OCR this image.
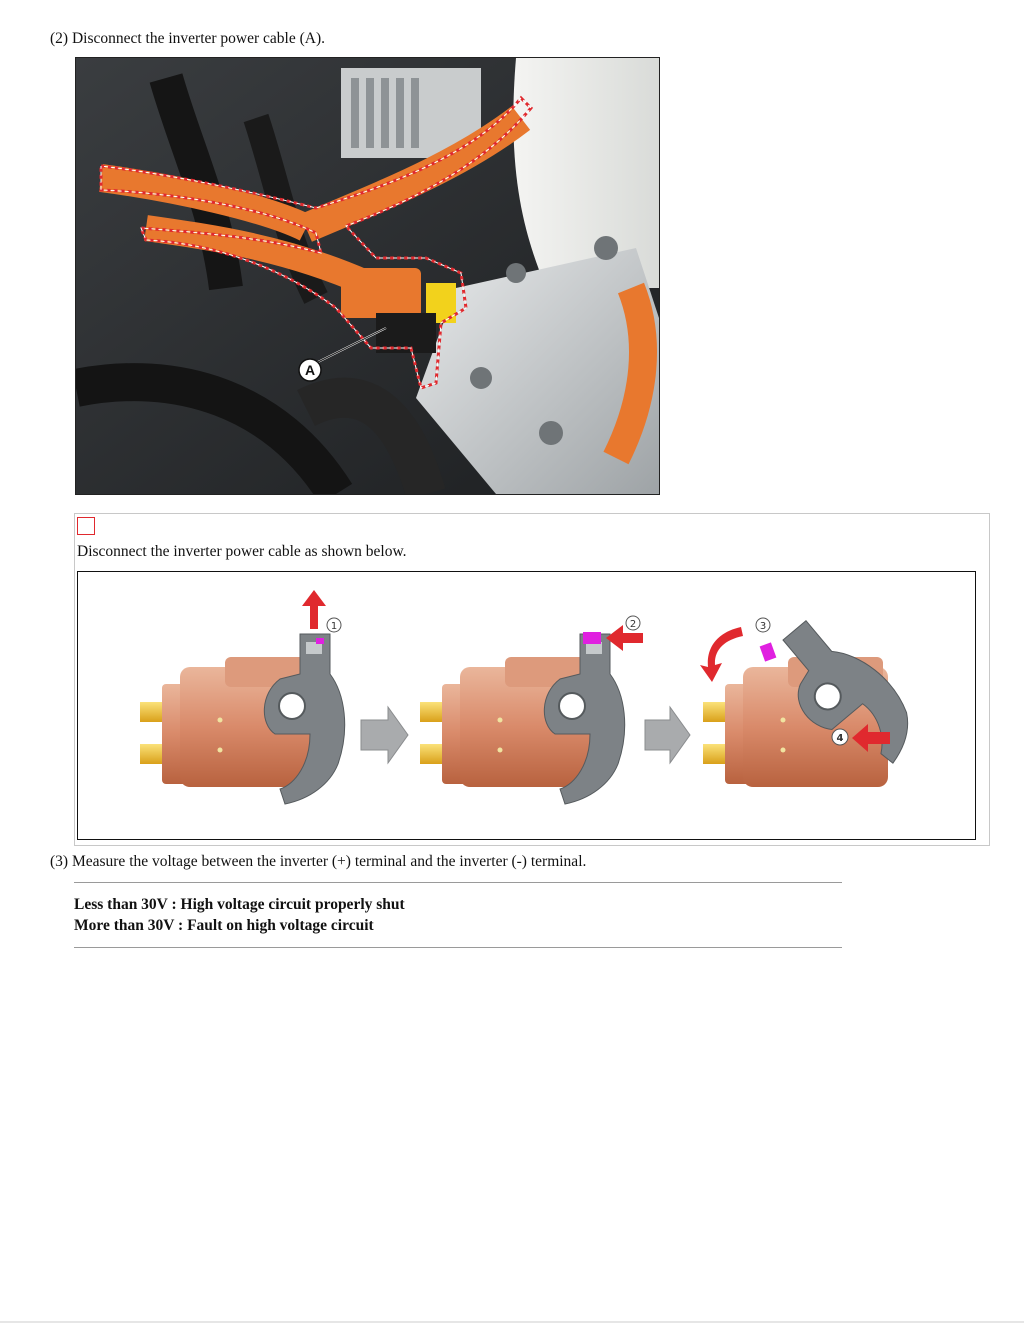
(2) Disconnect the inverter power cable (A).

A

Disconnect the inverter power cable as shown below.

1	2	3
4

(3) Measure the voltage between the inverter (+) terminal and the inverter (-) terminal.

Less than 30V : High voltage circuit properly shut

More than 30V : Fault on high voltage circuit
